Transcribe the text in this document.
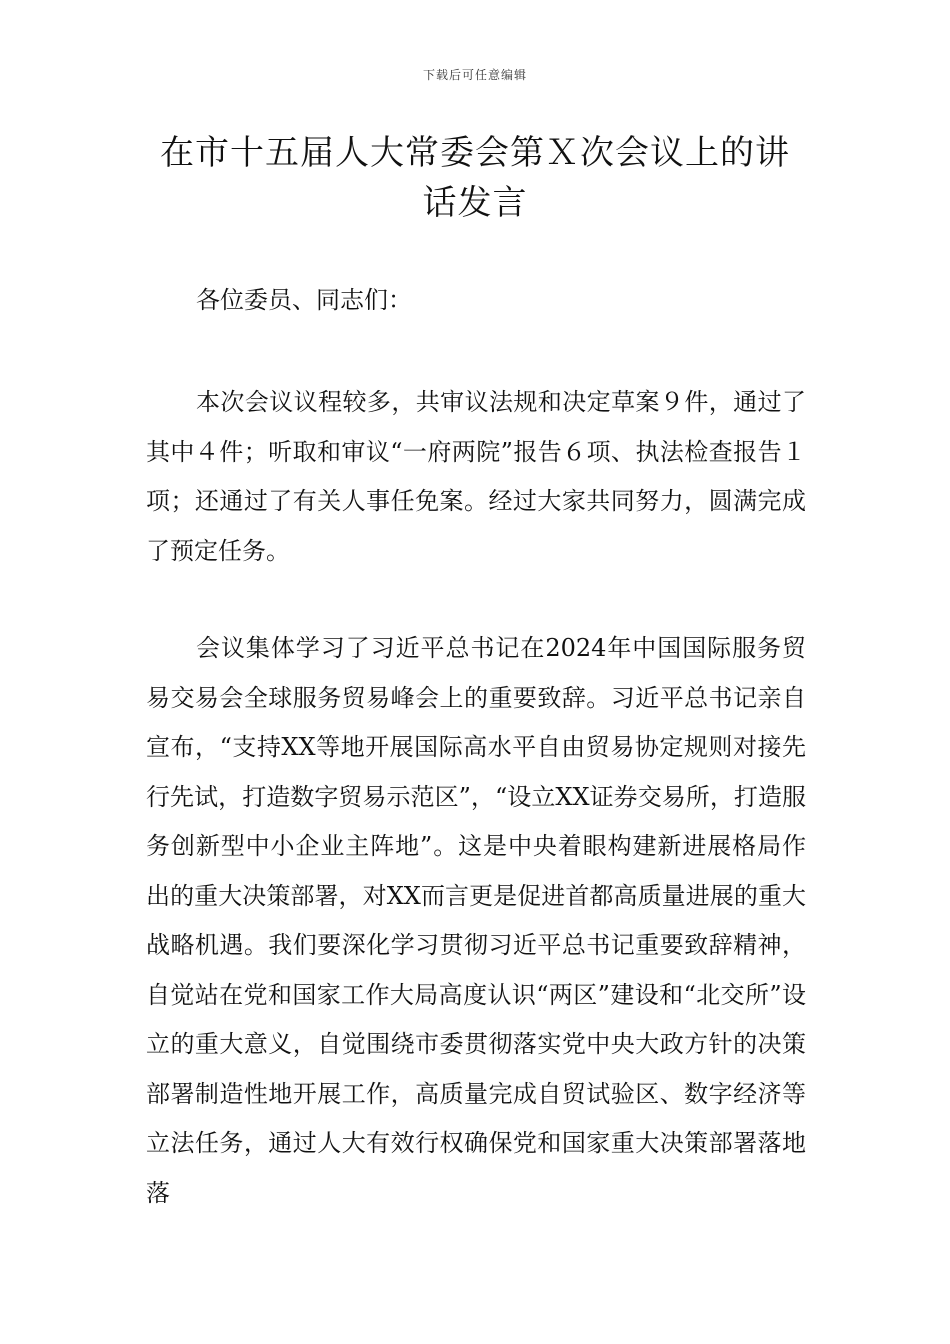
下载后可任意编辑
在市十五届人大常委会第Ｘ次会议上的讲话发言
各位委员、同志们：

本次会议议程较多，共审议法规和决定草案９件，通过了其中４件；听取和审议“一府两院”报告６项、执法检查报告１项；还通过了有关人事任免案。经过大家共同努力，圆满完成了预定任务。

会议集体学习了习近平总书记在2024年中国国际服务贸易交易会全球服务贸易峰会上的重要致辞。习近平总书记亲自宣布，“支持XX等地开展国际高水平自由贸易协定规则对接先行先试，打造数字贸易示范区”，“设立XX证券交易所，打造服务创新型中小企业主阵地”。这是中央着眼构建新进展格局作出的重大决策部署，对XX而言更是促进首都高质量进展的重大战略机遇。我们要深化学习贯彻习近平总书记重要致辞精神，自觉站在党和国家工作大局高度认识“两区”建设和“北交所”设立的重大意义，自觉围绕市委贯彻落实党中央大政方针的决策部署制造性地开展工作，高质量完成自贸试验区、数字经济等立法任务，通过人大有效行权确保党和国家重大决策部署落地落
